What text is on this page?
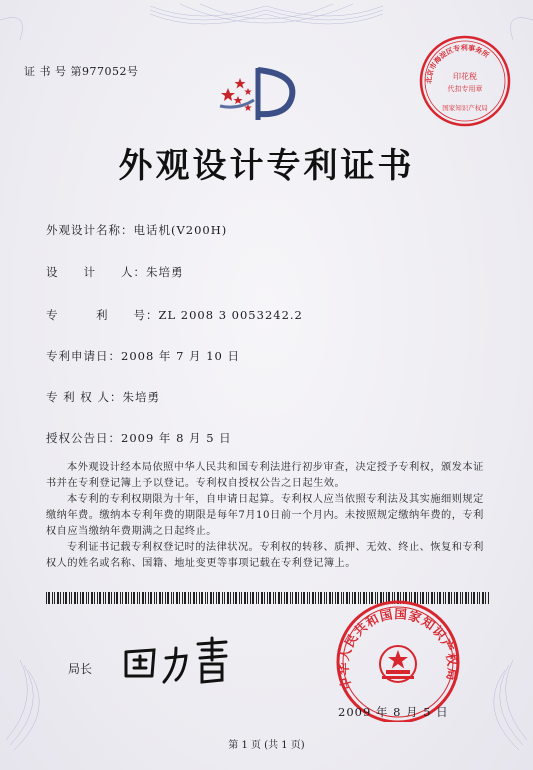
证 书 号 第977052号
北京市海淀区专利事务所
印花税
代扣专用章
国家知识产权局
外观设计专利证书
外观设计名称：电话机(V200H)
设　　计　　人：朱培勇
专　　　利　　号：ZL 2008 3 0053242.2
专利申请日：2008 年 7 月 10 日
专 利 权 人：朱培勇
授权公告日：2009 年 8 月 5 日
本外观设计经本局依照中华人民共和国专利法进行初步审查，决定授予专利权，颁发本证书并在专利登记簿上予以登记。专利权自授权公告之日起生效。
本专利的专利权期限为十年，自申请日起算。专利权人应当依照专利法及其实施细则规定缴纳年费。缴纳本专利年费的期限是每年7月10日前一个月内。未按照规定缴纳年费的，专利权自应当缴纳年费期满之日起终止。
专利证书记载专利权登记时的法律状况。专利权的转移、质押、无效、终止、恢复和专利权人的姓名或名称、国籍、地址变更等事项记载在专利登记簿上。
局长
中华人民共和国国家知识产权局
2009 年 8 月 5 日
第 1 页 (共 1 页)
